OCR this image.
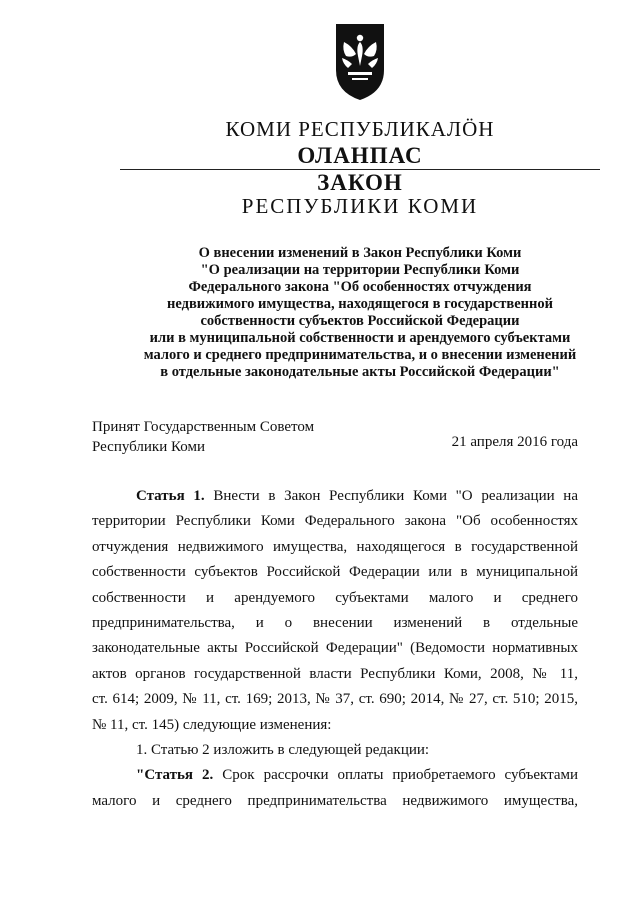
КОМИ РЕСПУБЛИКАЛӦН
ОЛАНПАС
ЗАКОН
РЕСПУБЛИКИ КОМИ
О внесении изменений в Закон Республики Коми
"О реализации на территории Республики Коми
Федерального закона "Об особенностях отчуждения
недвижимого имущества, находящегося в государственной
собственности субъектов Российской Федерации
или в муниципальной собственности и арендуемого субъектами
малого и среднего предпринимательства, и о внесении изменений
в отдельные законодательные акты Российской Федерации"
Принят Государственным Советом
Республики Коми	21 апреля 2016 года
Статья 1. Внести в Закон Республики Коми "О реализации на
территории Республики Коми Федерального закона "Об особенностях
отчуждения недвижимого имущества, находящегося в государственной
собственности субъектов Российской Федерации или в муниципальной
собственности и арендуемого субъектами малого и среднего
предпринимательства, и о внесении изменений в отдельные
законодательные акты Российской Федерации" (Ведомости нормативных
актов органов государственной власти Республики Коми, 2008, № 11,
ст. 614; 2009, № 11, ст. 169; 2013, № 37, ст. 690; 2014, № 27, ст. 510; 2015,
№ 11, ст. 145) следующие изменения:
1. Статью 2 изложить в следующей редакции:
"Статья 2. Срок рассрочки оплаты приобретаемого субъектами
малого и среднего предпринимательства недвижимого имущества,
